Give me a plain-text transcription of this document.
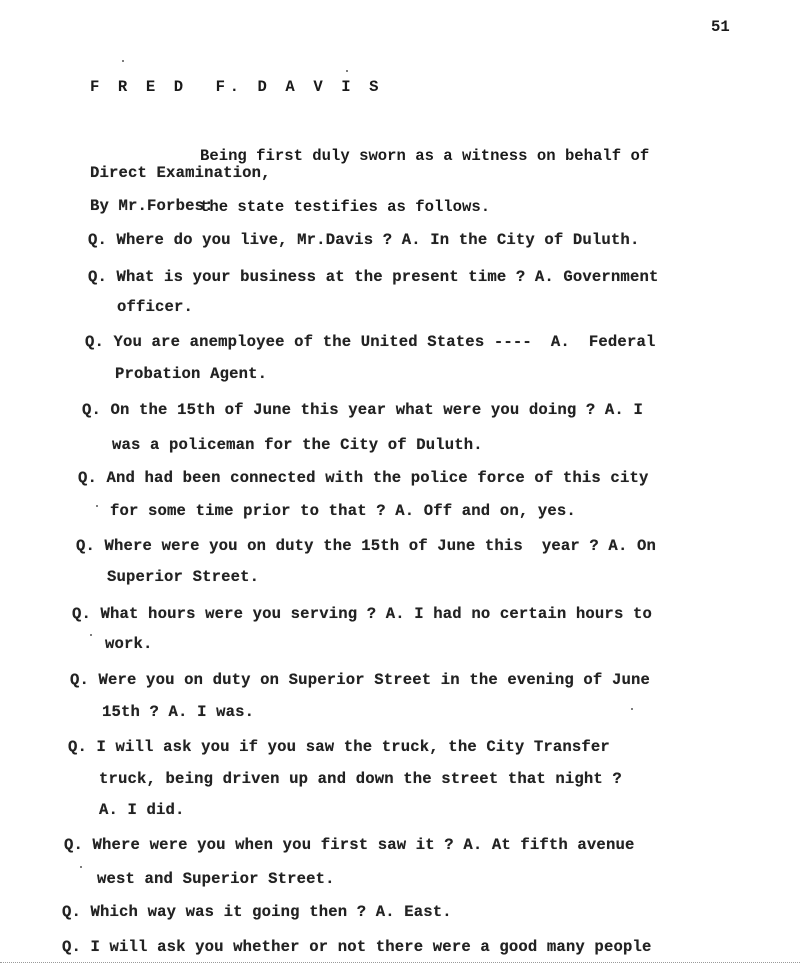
51
F R E D  F. D A V I S

Being first duly sworn as a witness on behalf of

the state testifies as follows.

Direct Examination,
By Mr.Forbes:
Q. Where do you live, Mr.Davis ? A. In the City of Duluth.
Q. What is your business at the present time ? A. Government
officer.
Q. You are anemployee of the United States ----  A.  Federal
Probation Agent.
Q. On the 15th of June this year what were you doing ? A. I
was a policeman for the City of Duluth.
Q. And had been connected with the police force of this city
for some time prior to that ? A. Off and on, yes.
Q. Where were you on duty the 15th of June this  year ? A. On
Superior Street.
Q. What hours were you serving ? A. I had no certain hours to
work.
Q. Were you on duty on Superior Street in the evening of June
15th ? A. I was.
Q. I will ask you if you saw the truck, the City Transfer
truck, being driven up and down the street that night ?
A. I did.
Q. Where were you when you first saw it ? A. At fifth avenue
west and Superior Street.
Q. Which way was it going then ? A. East.
Q. I will ask you whether or not there were a good many people
